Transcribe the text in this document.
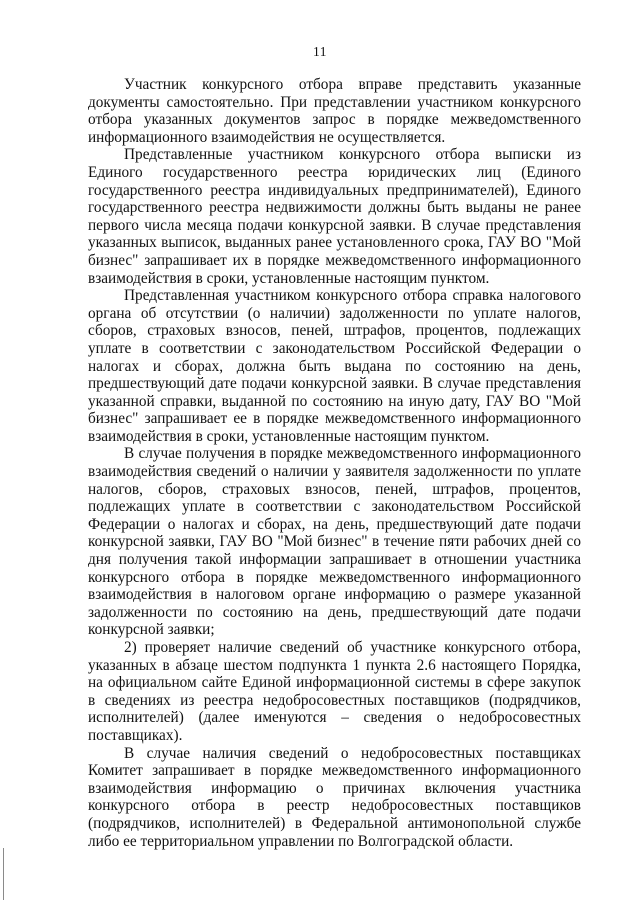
11

Участник конкурсного отбора вправе представить указанные документы самостоятельно. При представлении участником конкурсного отбора указанных документов запрос в порядке межведомственного информационного взаимодействия не осуществляется.

Представленные участником конкурсного отбора выписки из Единого государственного реестра юридических лиц (Единого государственного реестра индивидуальных предпринимателей), Единого государственного реестра недвижимости должны быть выданы не ранее первого числа месяца подачи конкурсной заявки. В случае представления указанных выписок, выданных ранее установленного срока, ГАУ ВО "Мой бизнес" запрашивает их в порядке межведомственного информационного взаимодействия в сроки, установленные настоящим пунктом.

Представленная участником конкурсного отбора справка налогового органа об отсутствии (о наличии) задолженности по уплате налогов, сборов, страховых взносов, пеней, штрафов, процентов, подлежащих уплате в соответствии с законодательством Российской Федерации о налогах и сборах, должна быть выдана по состоянию на день, предшествующий дате подачи конкурсной заявки. В случае представления указанной справки, выданной по состоянию на иную дату, ГАУ ВО "Мой бизнес" запрашивает ее в порядке межведомственного информационного взаимодействия в сроки, установленные настоящим пунктом.

В случае получения в порядке межведомственного информационного взаимодействия сведений о наличии у заявителя задолженности по уплате налогов, сборов, страховых взносов, пеней, штрафов, процентов, подлежащих уплате в соответствии с законодательством Российской Федерации о налогах и сборах, на день, предшествующий дате подачи конкурсной заявки, ГАУ ВО "Мой бизнес" в течение пяти рабочих дней со дня получения такой информации запрашивает в отношении участника конкурсного отбора в порядке межведомственного информационного взаимодействия в налоговом органе информацию о размере указанной задолженности по состоянию на день, предшествующий дате подачи конкурсной заявки;

2) проверяет наличие сведений об участнике конкурсного отбора, указанных в абзаце шестом подпункта 1 пункта 2.6 настоящего Порядка, на официальном сайте Единой информационной системы в сфере закупок в сведениях из реестра недобросовестных поставщиков (подрядчиков, исполнителей) (далее именуются – сведения о недобросовестных поставщиках).

В случае наличия сведений о недобросовестных поставщиках Комитет запрашивает в порядке межведомственного информационного взаимодействия информацию о причинах включения участника конкурсного отбора в реестр недобросовестных поставщиков (подрядчиков, исполнителей) в Федеральной антимонопольной службе либо ее территориальном управлении по Волгоградской области.
